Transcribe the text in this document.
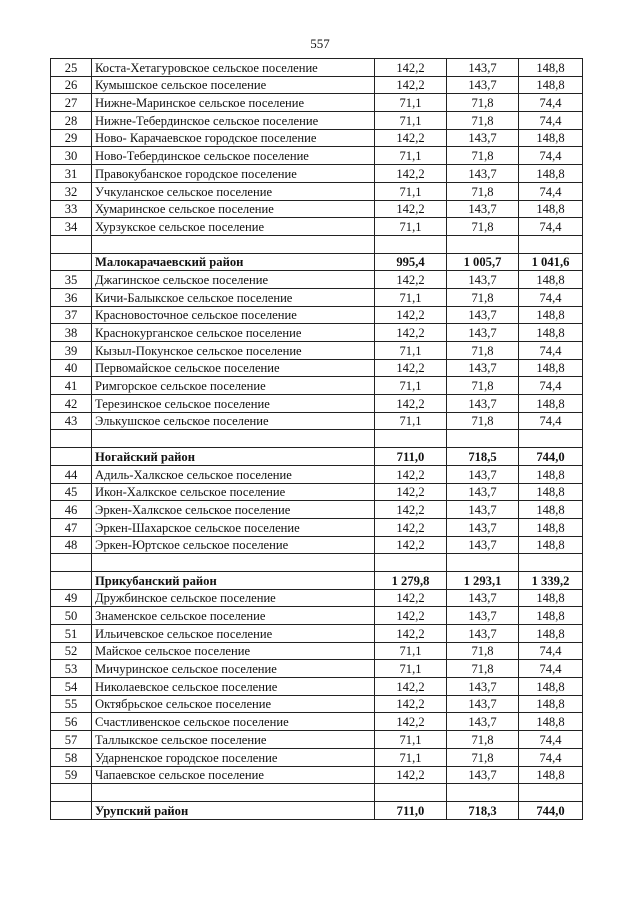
557
25	Коста-Хетагуровское сельское поселение	142,2	143,7	148,8
26	Кумышское сельское поселение	142,2	143,7	148,8
27	Нижне-Маринское сельское поселение	71,1	71,8	74,4
28	Нижне-Тебердинское сельское поселение	71,1	71,8	74,4
29	Ново- Карачаевское городское поселение	142,2	143,7	148,8
30	Ново-Тебердинское сельское поселение	71,1	71,8	74,4
31	Правокубанское городское поселение	142,2	143,7	148,8
32	Учкуланское сельское поселение	71,1	71,8	74,4
33	Хумаринское сельское поселение	142,2	143,7	148,8
34	Хурзукское сельское поселение	71,1	71,8	74,4

	Малокарачаевский район	995,4	1 005,7	1 041,6
35	Джагинское сельское поселение	142,2	143,7	148,8
36	Кичи-Балыкское сельское поселение	71,1	71,8	74,4
37	Красновосточное сельское поселение	142,2	143,7	148,8
38	Краснокурганское сельское поселение	142,2	143,7	148,8
39	Кызыл-Покунское сельское поселение	71,1	71,8	74,4
40	Первомайское сельское поселение	142,2	143,7	148,8
41	Римгорское сельское поселение	71,1	71,8	74,4
42	Терезинское сельское поселение	142,2	143,7	148,8
43	Элькушское сельское поселение	71,1	71,8	74,4

	Ногайский район	711,0	718,5	744,0
44	Адиль-Халкское сельское поселение	142,2	143,7	148,8
45	Икон-Халкское сельское поселение	142,2	143,7	148,8
46	Эркен-Халкское сельское поселение	142,2	143,7	148,8
47	Эркен-Шахарское сельское поселение	142,2	143,7	148,8
48	Эркен-Юртское сельское поселение	142,2	143,7	148,8

	Прикубанский район	1 279,8	1 293,1	1 339,2
49	Дружбинское сельское поселение	142,2	143,7	148,8
50	Знаменское сельское поселение	142,2	143,7	148,8
51	Ильичевское сельское поселение	142,2	143,7	148,8
52	Майское сельское поселение	71,1	71,8	74,4
53	Мичуринское сельское поселение	71,1	71,8	74,4
54	Николаевское сельское поселение	142,2	143,7	148,8
55	Октябрьское сельское поселение	142,2	143,7	148,8
56	Счастливенское сельское поселение	142,2	143,7	148,8
57	Таллыкское сельское поселение	71,1	71,8	74,4
58	Ударненское городское поселение	71,1	71,8	74,4
59	Чапаевское сельское поселение	142,2	143,7	148,8

	Урупский район	711,0	718,3	744,0
